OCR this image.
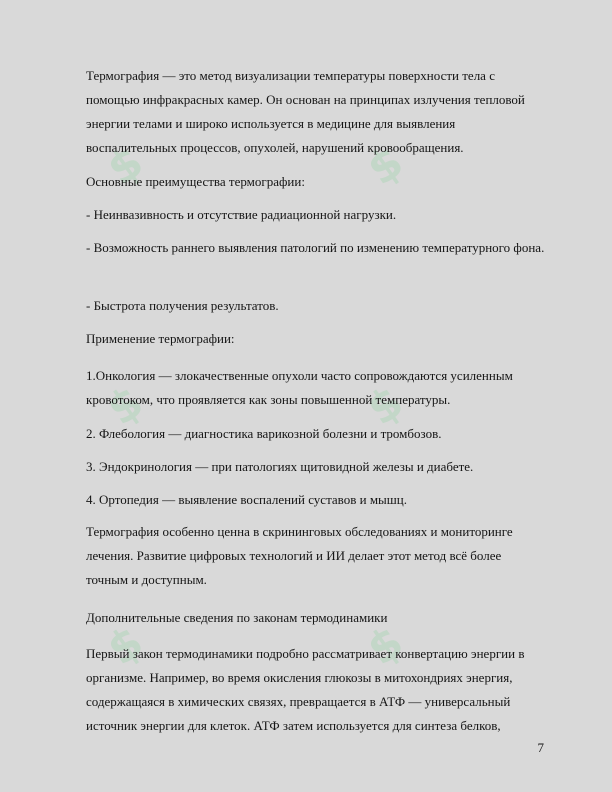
$	$
$	$
$	$

Термография — это метод визуализации температуры поверхности тела с помощью инфракрасных камер. Он основан на принципах излучения тепловой энергии телами и широко используется в медицине для выявления воспалительных процессов, опухолей, нарушений кровообращения.

Основные преимущества термографии:

- Неинвазивность и отсутствие радиационной нагрузки.

- Возможность раннего выявления патологий по изменению температурного фона.

- Быстрота получения результатов.

Применение термографии:

1.Онкология — злокачественные опухоли часто сопровождаются усиленным кровотоком, что проявляется как зоны повышенной температуры.

2. Флебология — диагностика варикозной болезни и тромбозов.

3. Эндокринология — при патологиях щитовидной железы и диабете.

4. Ортопедия — выявление воспалений суставов и мышц.

Термография особенно ценна в скрининговых обследованиях и мониторинге лечения. Развитие цифровых технологий и ИИ делает этот метод всё более точным и доступным.

Дополнительные сведения по законам термодинамики

Первый закон термодинамики подробно рассматривает конвертацию энергии в организме. Например, во время окисления глюкозы в митохондриях энергия, содержащаяся в химических связях, превращается в АТФ — универсальный источник энергии для клеток. АТФ затем используется для синтеза белков,

7
